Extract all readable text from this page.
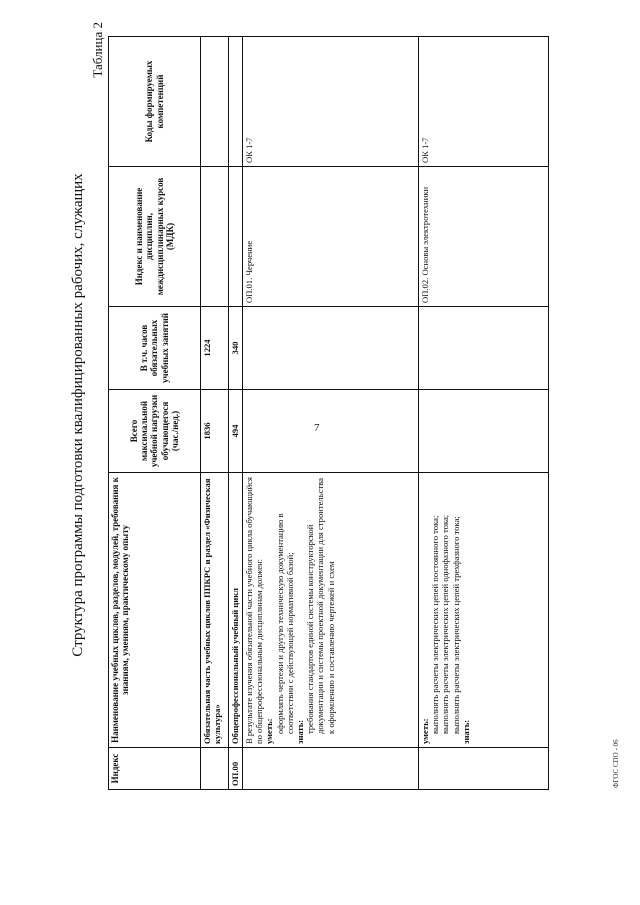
7
ФГОС СПО - 06
Структура программы подготовки квалифицированных рабочих, служащих
Таблица 2
Индекс	Наименование учебных циклов, разделов, модулей, требования к знаниям, умениям, практическому опыту	Всего максимальной учебной нагрузки обучающегося (час./нед.)	В т.ч. часов обязательных учебных занятий	Индекс и наименование дисциплин, междисциплинарных курсов (МДК)	Коды формируемых компетенций
	Обязательная часть учебных циклов ППКРС и раздел «Физическая культура»	1836	1224		
ОП.00	Общепрофессиональный учебный цикл	494	340		

	В результате изучения обязательной части учебного цикла обучающийся по общепрофессиональным дисциплинам должен: уметь: оформлять чертежи и другую техническую документацию в соответствии с действующей нормативной базой; знать: требования стандартов единой системы конструкторской документации и системы проектной документации для строительства к оформлению и составлению чертежей и схем			ОП.01. Черчение	ОК 1-7

	уметь: выполнять расчеты электрических цепей постоянного тока; выполнять расчеты электрических цепей однофазного тока; выполнять расчеты электрических цепей трехфазного тока; знать:			ОП.02. Основы электротехники	ОК 1-7
